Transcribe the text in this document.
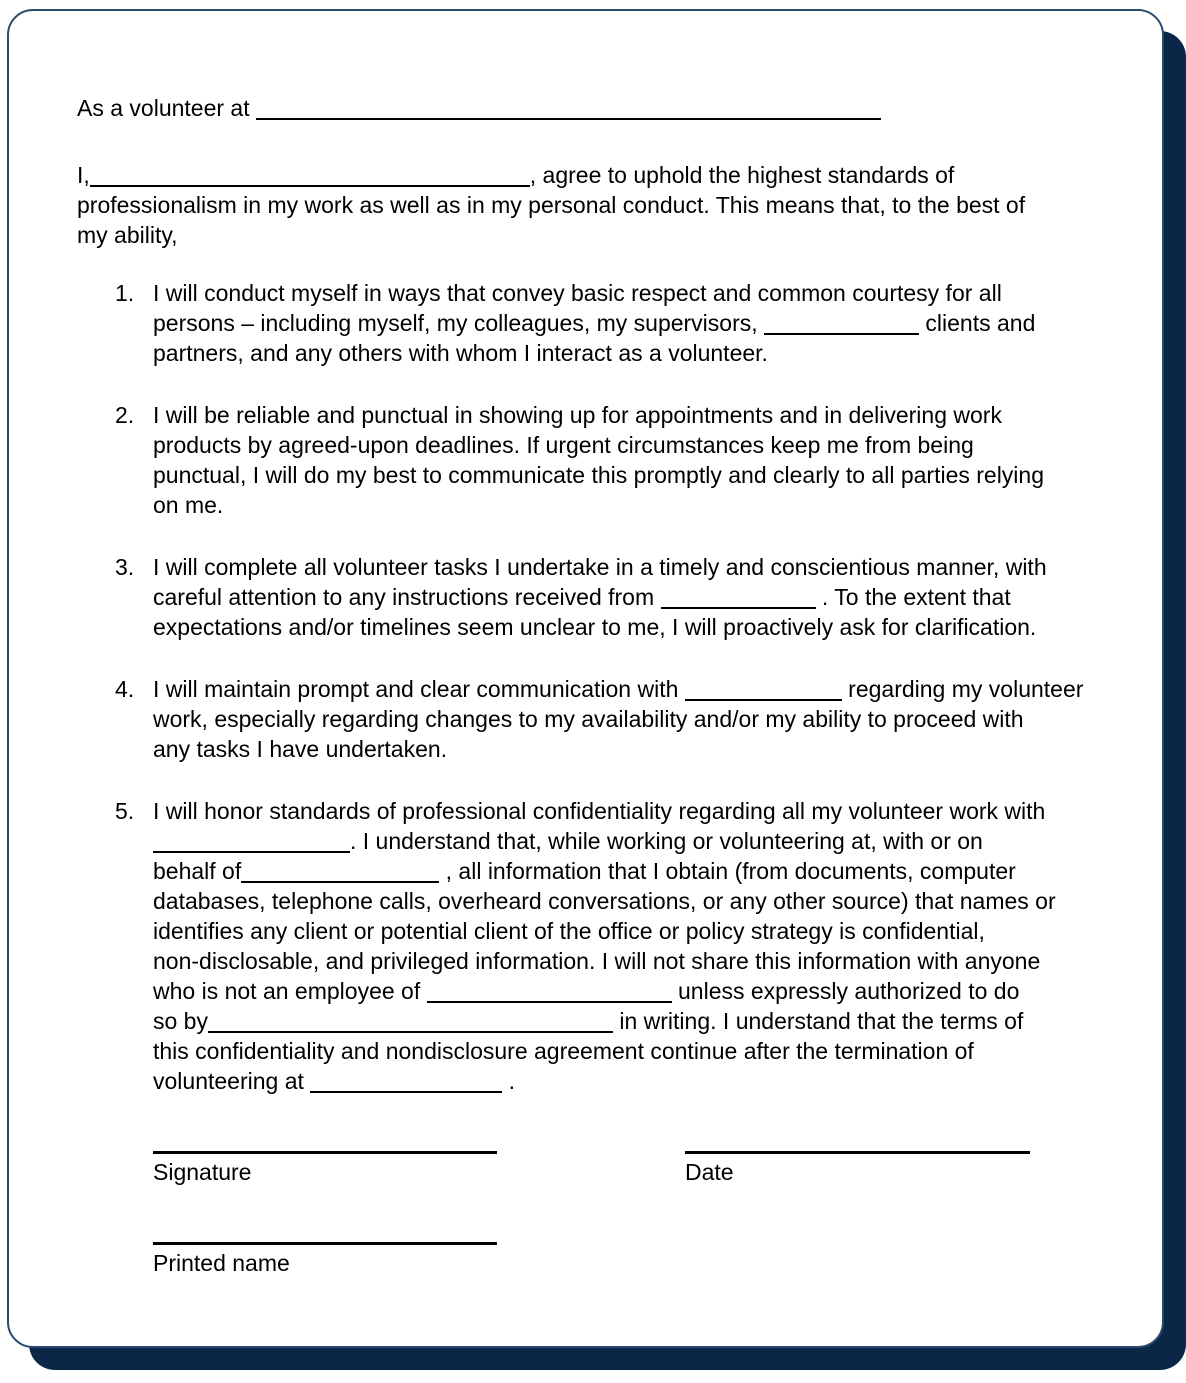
As a volunteer at
I,	, agree to uphold the highest standards of
professionalism in my work as well as in my personal conduct. This means that, to the best of
my ability,
1. I will conduct myself in ways that convey basic respect and common courtesy for all
persons – including myself, my colleagues, my supervisors,	clients and
partners, and any others with whom I interact as a volunteer.
2. I will be reliable and punctual in showing up for appointments and in delivering work
products by agreed-upon deadlines. If urgent circumstances keep me from being
punctual, I will do my best to communicate this promptly and clearly to all parties relying
on me.
3. I will complete all volunteer tasks I undertake in a timely and conscientious manner, with
careful attention to any instructions received from	. To the extent that
expectations and/or timelines seem unclear to me, I will proactively ask for clarification.
4. I will maintain prompt and clear communication with	regarding my volunteer
work, especially regarding changes to my availability and/or my ability to proceed with
any tasks I have undertaken.
5. I will honor standards of professional confidentiality regarding all my volunteer work with
. I understand that, while working or volunteering at, with or on
behalf of	, all information that I obtain (from documents, computer
databases, telephone calls, overheard conversations, or any other source) that names or
identifies any client or potential client of the office or policy strategy is confidential,
non-disclosable, and privileged information. I will not share this information with anyone
who is not an employee of	unless expressly authorized to do
so by	in writing. I understand that the terms of
this confidentiality and nondisclosure agreement continue after the termination of
volunteering at	.
Signature	Date
Printed name
